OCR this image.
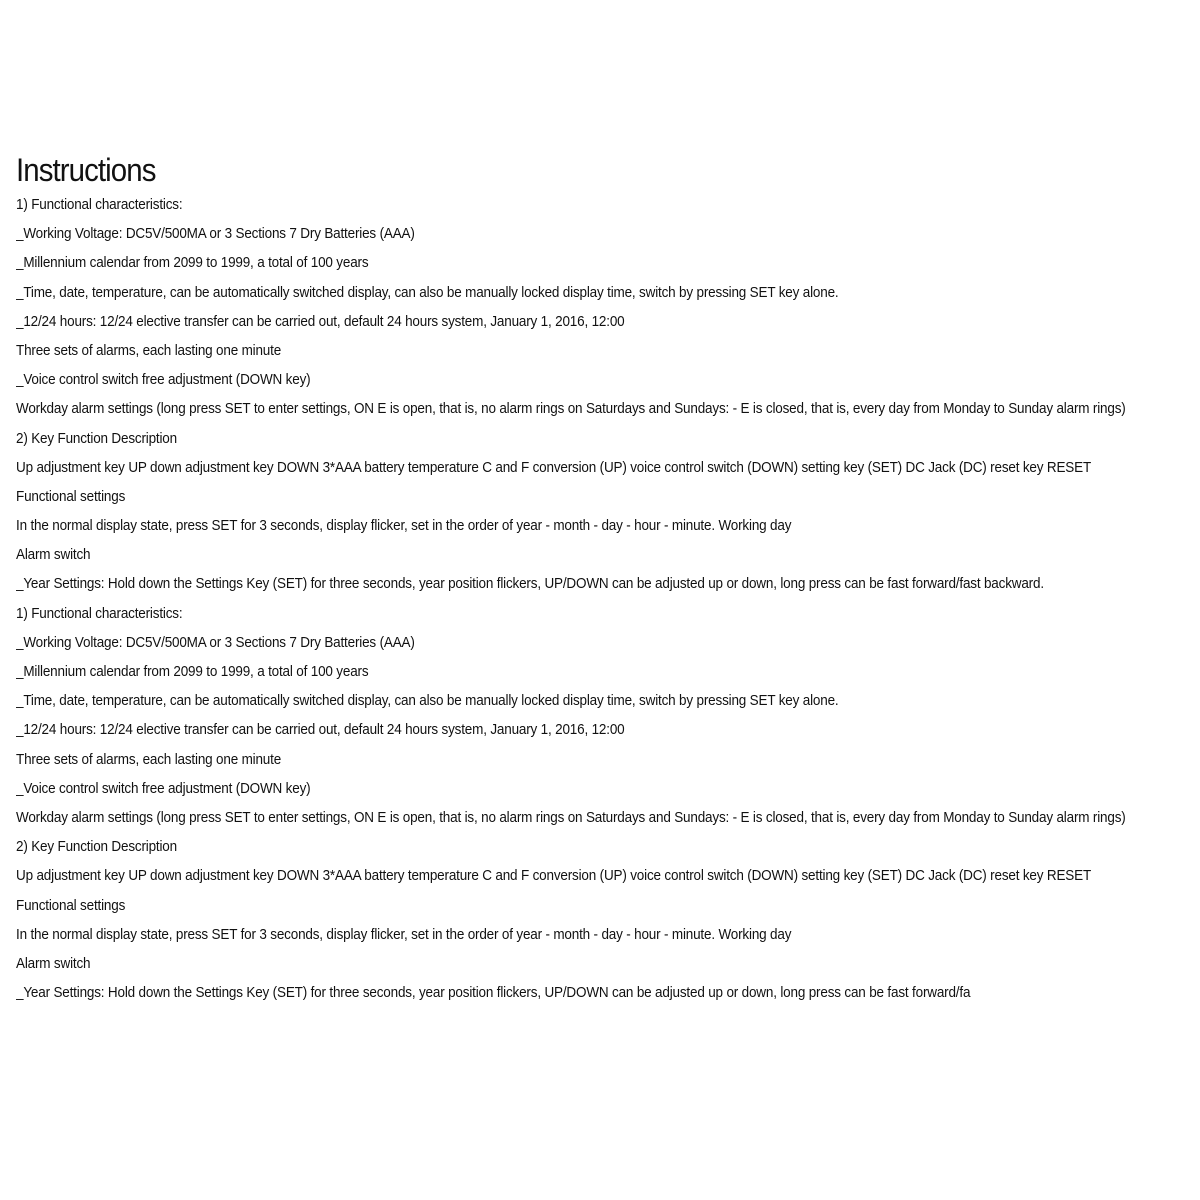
Instructions
1) Functional characteristics:
_Working Voltage: DC5V/500MA or 3 Sections 7 Dry Batteries (AAA)
_Millennium calendar from 2099 to 1999, a total of 100 years
_Time, date, temperature, can be automatically switched display, can also be manually locked display time, switch by pressing SET key alone.
_12/24 hours: 12/24 elective transfer can be carried out, default 24 hours system, January 1, 2016, 12:00
Three sets of alarms, each lasting one minute
_Voice control switch free adjustment (DOWN key)
Workday alarm settings (long press SET to enter settings, ON E is open, that is, no alarm rings on Saturdays and Sundays: - E is closed, that is, every day from Monday to Sunday alarm rings)
2) Key Function Description
Up adjustment key UP down adjustment key DOWN 3*AAA battery temperature C and F conversion (UP) voice control switch (DOWN) setting key (SET) DC Jack (DC) reset key RESET
Functional settings
In the normal display state, press SET for 3 seconds, display flicker, set in the order of year - month - day - hour - minute. Working day
Alarm switch
_Year Settings: Hold down the Settings Key (SET) for three seconds, year position flickers, UP/DOWN can be adjusted up or down, long press can be fast forward/fast backward.
1) Functional characteristics:
_Working Voltage: DC5V/500MA or 3 Sections 7 Dry Batteries (AAA)
_Millennium calendar from 2099 to 1999, a total of 100 years
_Time, date, temperature, can be automatically switched display, can also be manually locked display time, switch by pressing SET key alone.
_12/24 hours: 12/24 elective transfer can be carried out, default 24 hours system, January 1, 2016, 12:00
Three sets of alarms, each lasting one minute
_Voice control switch free adjustment (DOWN key)
Workday alarm settings (long press SET to enter settings, ON E is open, that is, no alarm rings on Saturdays and Sundays: - E is closed, that is, every day from Monday to Sunday alarm rings)
2) Key Function Description
Up adjustment key UP down adjustment key DOWN 3*AAA battery temperature C and F conversion (UP) voice control switch (DOWN) setting key (SET) DC Jack (DC) reset key RESET
Functional settings
In the normal display state, press SET for 3 seconds, display flicker, set in the order of year - month - day - hour - minute. Working day
Alarm switch
_Year Settings: Hold down the Settings Key (SET) for three seconds, year position flickers, UP/DOWN can be adjusted up or down, long press can be fast forward/fa
